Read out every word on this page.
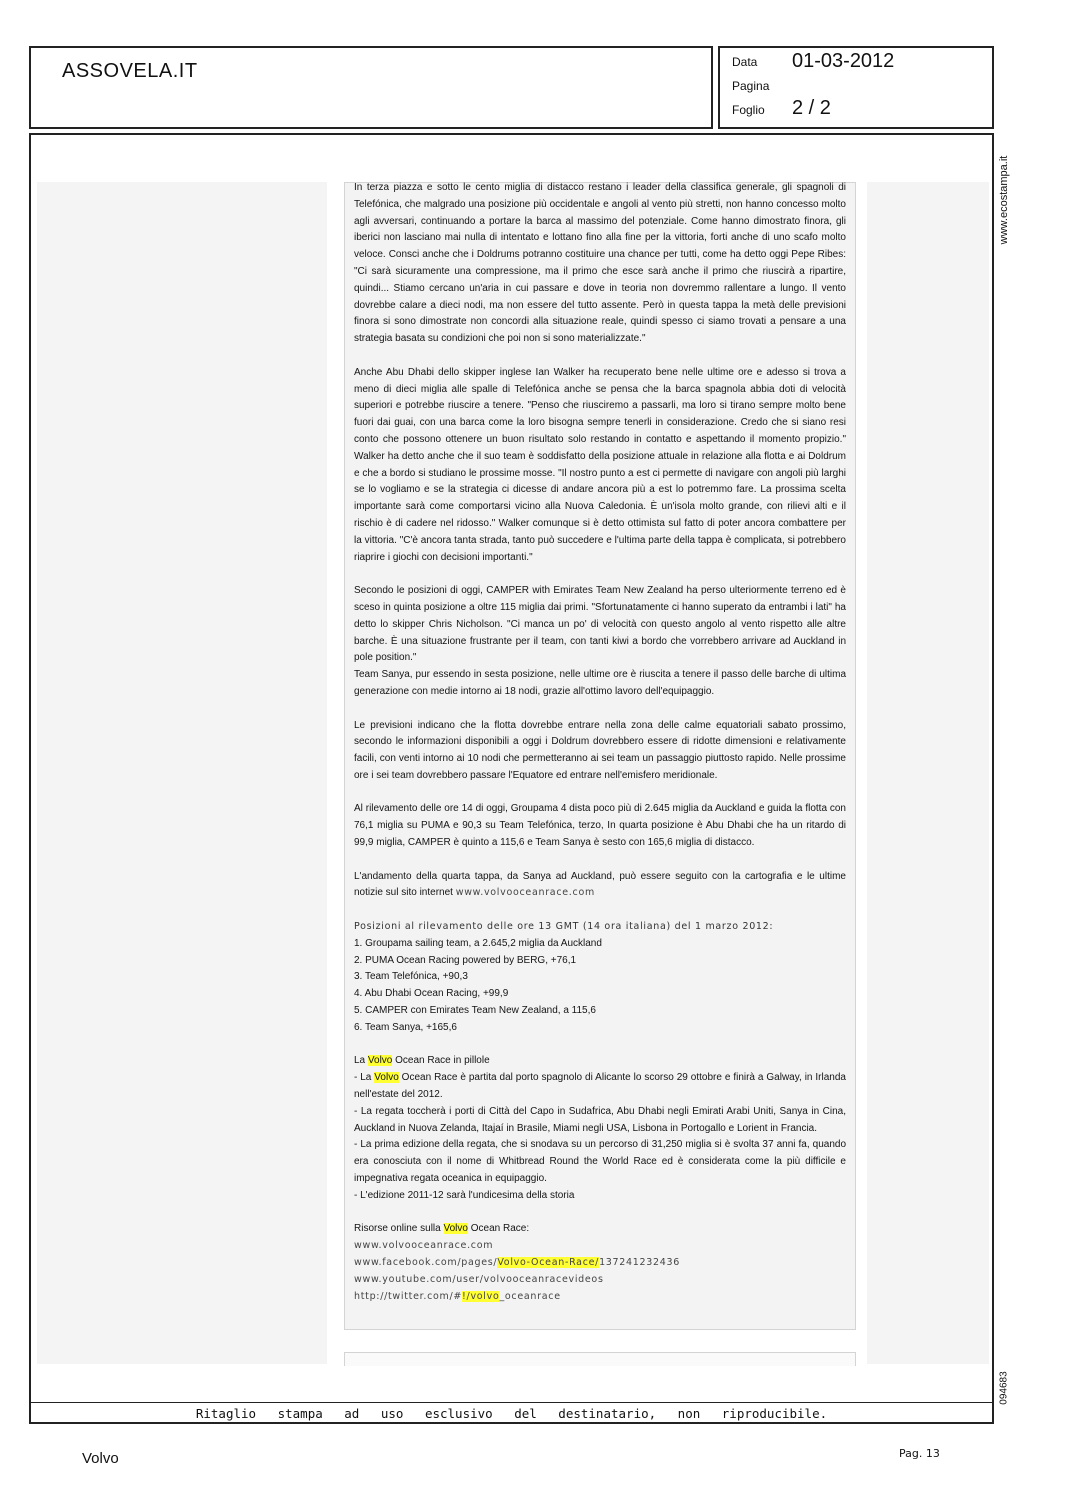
ASSOVELA.IT	Data 01-03-2012
Pagina
Foglio 2 / 2
Ritaglio stampa ad uso esclusivo del destinatario, non riproducibile.

In terza piazza e sotto le cento miglia di distacco restano i leader della classifica generale, gli spagnoli di Telefónica, che malgrado una posizione più occidentale e angoli al vento più stretti, non hanno concesso molto agli avversari, continuando a portare la barca al massimo del potenziale. Come hanno dimostrato finora, gli iberici non lasciano mai nulla di intentato e lottano fino alla fine per la vittoria, forti anche di uno scafo molto veloce. Consci anche che i Doldrums potranno costituire una chance per tutti, come ha detto oggi Pepe Ribes: "Ci sarà sicuramente una compressione, ma il primo che esce sarà anche il primo che riuscirà a ripartire, quindi... Stiamo cercano un'aria in cui passare e dove in teoria non dovremmo rallentare a lungo. Il vento dovrebbe calare a dieci nodi, ma non essere del tutto assente. Però in questa tappa la metà delle previsioni finora si sono dimostrate non concordi alla situazione reale, quindi spesso ci siamo trovati a pensare a una strategia basata su condizioni che poi non si sono materializzate."

Anche Abu Dhabi dello skipper inglese Ian Walker ha recuperato bene nelle ultime ore e adesso si trova a meno di dieci miglia alle spalle di Telefónica anche se pensa che la barca spagnola abbia doti di velocità superiori e potrebbe riuscire a tenere. "Penso che riusciremo a passarli, ma loro si tirano sempre molto bene fuori dai guai, con una barca come la loro bisogna sempre tenerli in considerazione. Credo che si siano resi conto che possono ottenere un buon risultato solo restando in contatto e aspettando il momento propizio." Walker ha detto anche che il suo team è soddisfatto della posizione attuale in relazione alla flotta e ai Doldrum e che a bordo si studiano le prossime mosse. "Il nostro punto a est ci permette di navigare con angoli più larghi se lo vogliamo e se la strategia ci dicesse di andare ancora più a est lo potremmo fare. La prossima scelta importante sarà come comportarsi vicino alla Nuova Caledonia. È un'isola molto grande, con rilievi alti e il rischio è di cadere nel ridosso." Walker comunque si è detto ottimista sul fatto di poter ancora combattere per la vittoria. "C'è ancora tanta strada, tanto può succedere e l'ultima parte della tappa è complicata, si potrebbero riaprire i giochi con decisioni importanti."

Secondo le posizioni di oggi, CAMPER with Emirates Team New Zealand ha perso ulteriormente terreno ed è sceso in quinta posizione a oltre 115 miglia dai primi. "Sfortunatamente ci hanno superato da entrambi i lati" ha detto lo skipper Chris Nicholson. "Ci manca un po' di velocità con questo angolo al vento rispetto alle altre barche. È una situazione frustrante per il team, con tanti kiwi a bordo che vorrebbero arrivare ad Auckland in pole position."
Team Sanya, pur essendo in sesta posizione, nelle ultime ore è riuscita a tenere il passo delle barche di ultima generazione con medie intorno ai 18 nodi, grazie all'ottimo lavoro dell'equipaggio.

Le previsioni indicano che la flotta dovrebbe entrare nella zona delle calme equatoriali sabato prossimo, secondo le informazioni disponibili a oggi i Doldrum dovrebbero essere di ridotte dimensioni e relativamente facili, con venti intorno ai 10 nodi che permetteranno ai sei team un passaggio piuttosto rapido. Nelle prossime ore i sei team dovrebbero passare l'Equatore ed entrare nell'emisfero meridionale.

Al rilevamento delle ore 14 di oggi, Groupama 4 dista poco più di 2.645 miglia da Auckland e guida la flotta con 76,1 miglia su PUMA e 90,3 su Team Telefónica, terzo, In quarta posizione è Abu Dhabi che ha un ritardo di 99,9 miglia, CAMPER è quinto a 115,6 e Team Sanya è sesto con 165,6 miglia di distacco.

L'andamento della quarta tappa, da Sanya ad Auckland, può essere seguito con la cartografia e le ultime notizie sul sito internet www.volvooceanrace.com

Posizioni al rilevamento delle ore 13 GMT (14 ora italiana) del 1 marzo 2012:
1. Groupama sailing team, a 2.645,2 miglia da Auckland
2. PUMA Ocean Racing powered by BERG, +76,1
3. Team Telefónica, +90,3
4. Abu Dhabi Ocean Racing, +99,9
5. CAMPER con Emirates Team New Zealand, a 115,6
6. Team Sanya, +165,6

La Volvo Ocean Race in pillole
- La Volvo Ocean Race è partita dal porto spagnolo di Alicante lo scorso 29 ottobre e finirà a Galway, in Irlanda nell'estate del 2012.
- La regata toccherà i porti di Città del Capo in Sudafrica, Abu Dhabi negli Emirati Arabi Uniti, Sanya in Cina, Auckland in Nuova Zelanda, Itajaí in Brasile, Miami negli USA, Lisbona in Portogallo e Lorient in Francia.
- La prima edizione della regata, che si snodava su un percorso di 31,250 miglia si è svolta 37 anni fa, quando era conosciuta con il nome di Whitbread Round the World Race ed è considerata come la più difficile e impegnativa regata oceanica in equipaggio.
- L'edizione 2011-12 sarà l'undicesima della storia

Risorse online sulla Volvo Ocean Race:
www.volvooceanrace.com
www.facebook.com/pages/Volvo-Ocean-Race/137241232436
www.youtube.com/user/volvooceanracevideos
http://twitter.com/#!/volvo_oceanrace

www.ecostampa.it
094683
Volvo	Pag. 13
